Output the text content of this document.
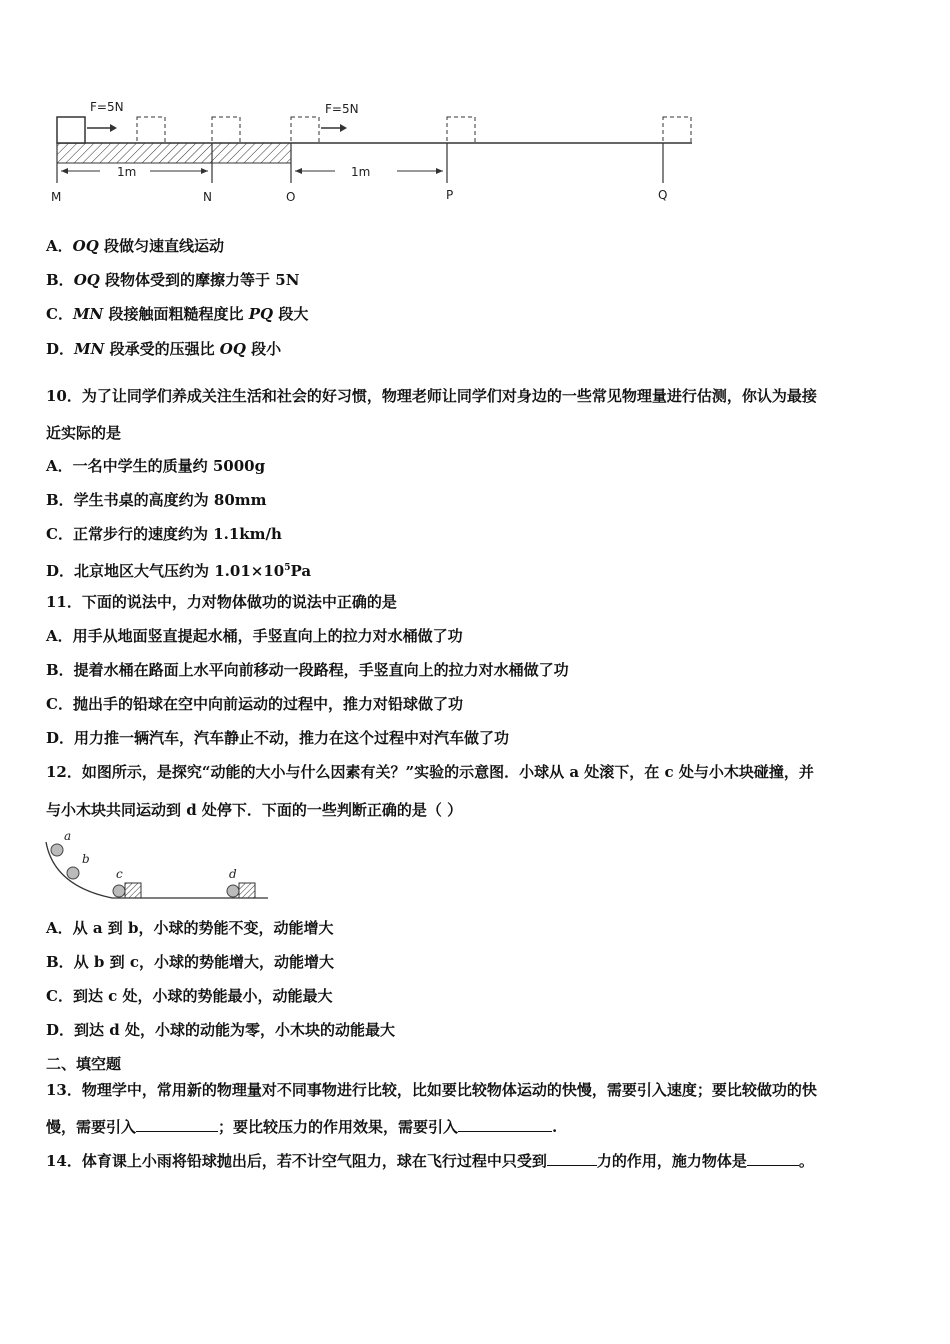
F=5N	F=5N
1m	1m
M	N	O	P	Q
A．OQ 段做匀速直线运动
B．OQ 段物体受到的摩擦力等于 5N
C．MN 段接触面粗糙程度比 PQ 段大
D．MN 段承受的压强比 OQ 段小
10．为了让同学们养成关注生活和社会的好习惯，物理老师让同学们对身边的一些常见物理量进行估测，你认为最接
近实际的是
A．一名中学生的质量约 5000g
B．学生书桌的高度约为 80mm
C．正常步行的速度约为 1.1km/h
D．北京地区大气压约为 $1.01\times 10^5Pa$
11．下面的说法中，力对物体做功的说法中正确的是
A．用手从地面竖直提起水桶，手竖直向上的拉力对水桶做了功
B．提着水桶在路面上水平向前移动一段路程，手竖直向上的拉力对水桶做了功
C．抛出手的铅球在空中向前运动的过程中，推力对铅球做了功
D．用力推一辆汽车，汽车静止不动，推力在这个过程中对汽车做了功
12．如图所示，是探究“动能的大小与什么因素有关？”实验的示意图．小球从 a 处滚下，在 c 处与小木块碰撞，并
与小木块共同运动到 d 处停下．下面的一些判断正确的是（ ）
a
b
c	d
A．从 a 到 b，小球的势能不变，动能增大
B．从 b 到 c，小球的势能增大，动能增大
C．到达 c 处，小球的势能最小，动能最大
D．到达 d 处，小球的动能为零，小木块的动能最大
二、填空题
13．物理学中，常用新的物理量对不同事物进行比较，比如要比较物体运动的快慢，需要引入速度；要比较做功的快
慢，需要引入	；要比较压力的作用效果，需要引入	.
14．体育课上小雨将铅球抛出后，若不计空气阻力，球在飞行过程中只受到	力的作用，施力物体是	。
